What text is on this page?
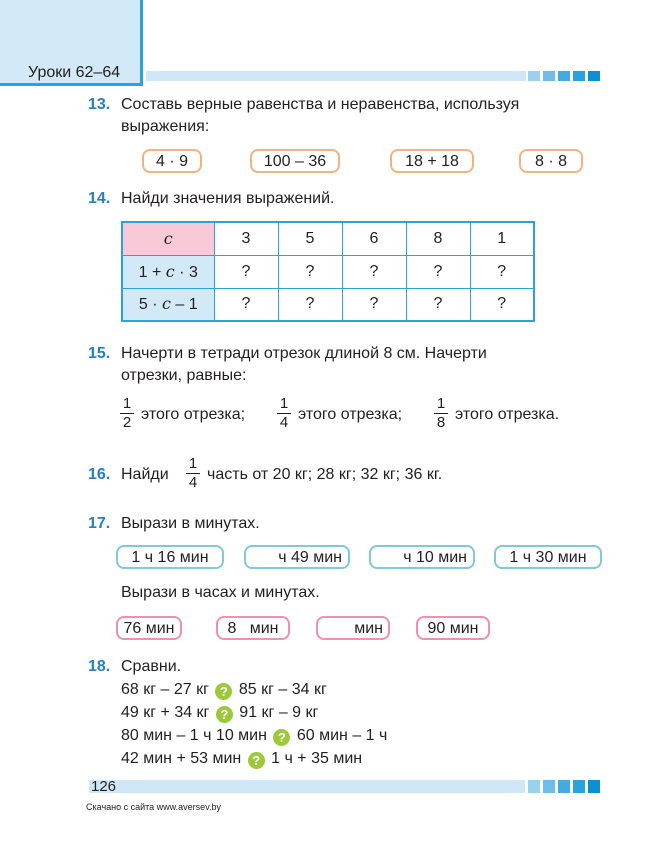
Уроки 62–64
13. Составь верные равенства и неравенства, используя
выражения:
4 · 9	100 – 36	18 + 18	8 · 8
14. Найди значения выражений.
c	3	5	6	8	1
1 + c · 3	?	?	?	?	?
5 · c – 1	?	?	?	?	?
15. Начерти в тетради отрезок длиной 8 см. Начерти
отрезки, равные:
1
2 этого отрезка;
1
4 этого отрезка;
1
8 этого отрезка.
16. Найди
1
4 часть от 20 кг; 28 кг; 32 кг; 36 кг.
17. Вырази в минутах.
1 ч 16 мин	ч 49 мин	ч 10 мин	1 ч 30 мин
Вырази в часах и минутах.
76 мин	8   мин	мин	90 мин
18. Сравни.
68 кг – 27 кг ? 85 кг – 34 кг
49 кг + 34 кг ? 91 кг – 9 кг
80 мин – 1 ч 10 мин ? 60 мин – 1 ч
42 мин + 53 мин ? 1 ч + 35 мин
126
Скачано с сайта www.aversev.by
